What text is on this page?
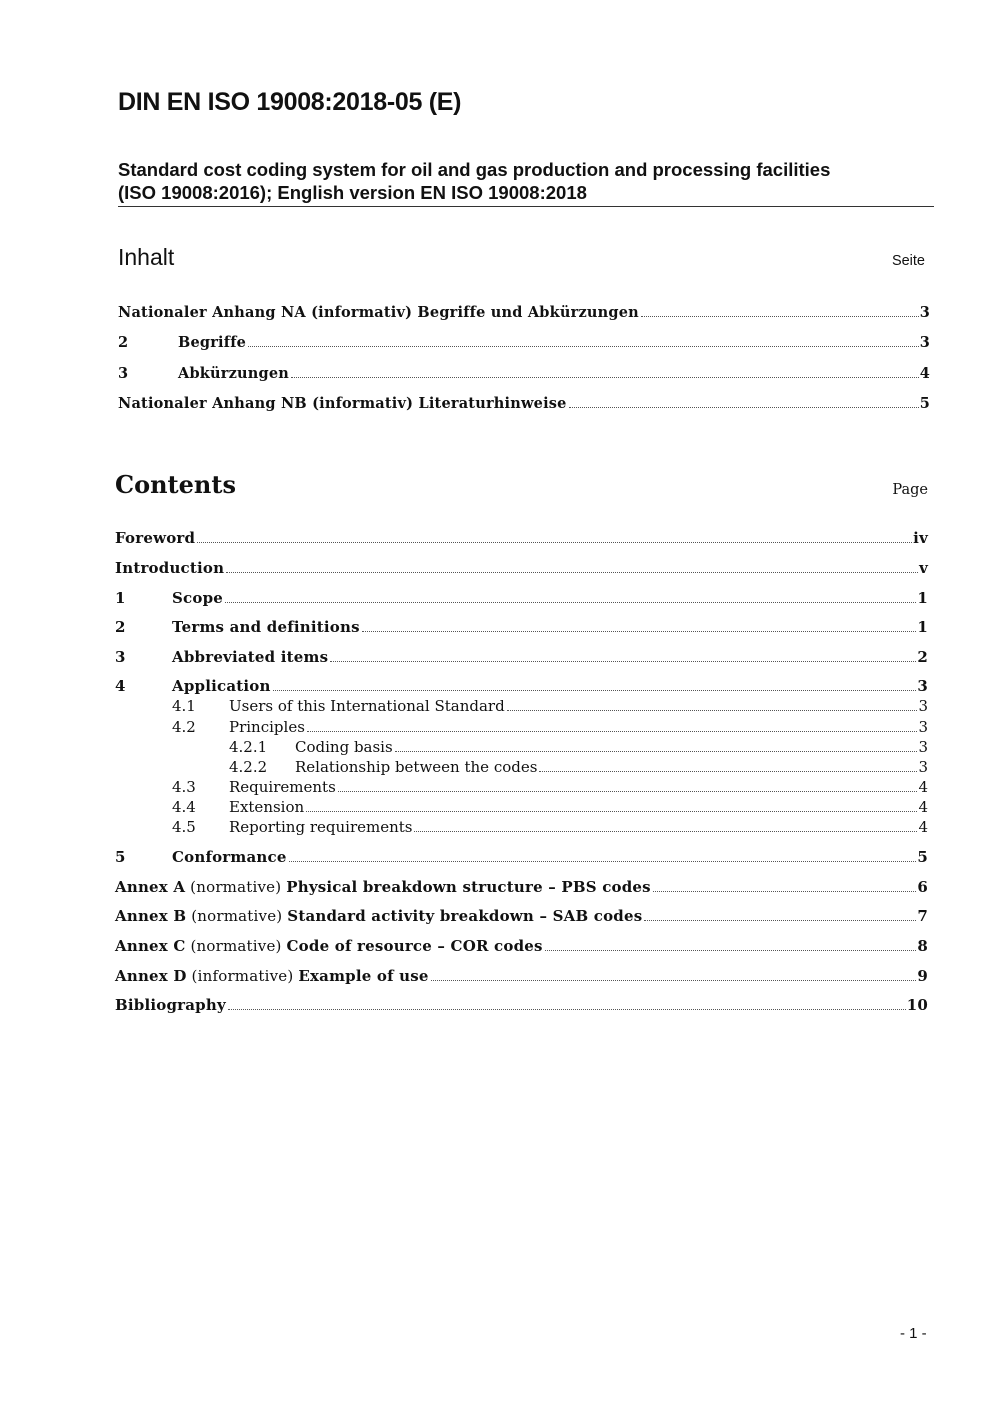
DIN EN ISO 19008:2018-05 (E)
Standard cost coding system for oil and gas production and processing facilities
(ISO 19008:2016); English version EN ISO 19008:2018
Inhalt	Seite
Nationaler Anhang NA (informativ) Begriffe und Abkürzungen	3
2	Begriffe	3
3	Abkürzungen	4
Nationaler Anhang NB (informativ) Literaturhinweise	5
Contents	Page
Foreword	iv
Introduction	v
1	Scope	1
2	Terms and definitions	1
3	Abbreviated items	2
4	Application	3
4.1	Users of this International Standard	3
4.2	Principles	3
4.2.1	Coding basis	3
4.2.2	Relationship between the codes	3
4.3	Requirements	4
4.4	Extension	4
4.5	Reporting requirements	4
5	Conformance	5
Annex A (normative) Physical breakdown structure – PBS codes	6
Annex B (normative) Standard activity breakdown – SAB codes	7
Annex C (normative) Code of resource – COR codes	8
Annex D (informative) Example of use	9
Bibliography	10
- 1 -
